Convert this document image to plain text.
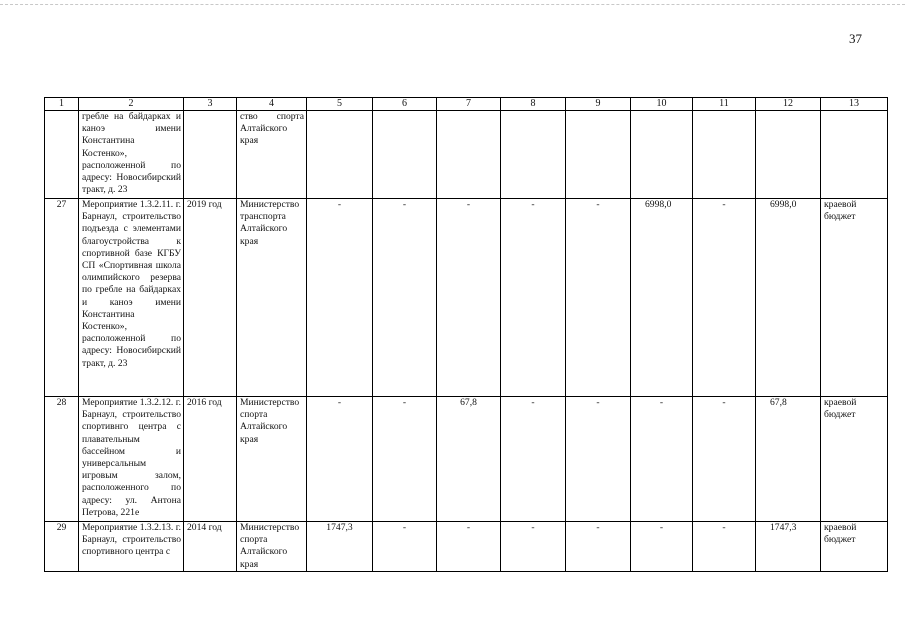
37
1	2	3	4	5	6	7	8	9	10	11	12	13
	гребле на байдарках и каноэ имени Константина Костенко», расположенной по адресу: Новосибирский тракт, д. 23		ство спорта Алтайского края									
27	Мероприятие 1.3.2.11. г. Барнаул, строительство подъезда с элементами благоустройства к спортивной базе КГБУ СП «Спортивная школа олимпийского резерва по гребле на байдарках и каноэ имени Константина Костенко», расположенной по адресу: Новосибирский тракт, д. 23	2019 год	Министерство транспорта Алтайского края	-	-	-	-	-	6998,0	-	6998,0	краевой бюджет
28	Мероприятие 1.3.2.12. г. Барнаул, строительство спортивнго центра с плавательным бассейном и универсальным игровым залом, расположенного по адресу: ул. Антона Петрова, 221е	2016 год	Министерство спорта Алтайского края	-	-	67,8	-	-	-	-	67,8	краевой бюджет
29	Мероприятие 1.3.2.13. г. Барнаул, строительство спортивного центра с	2014 год	Министерство спорта Алтайского края	1747,3	-	-	-	-	-	-	1747,3	краевой бюджет
